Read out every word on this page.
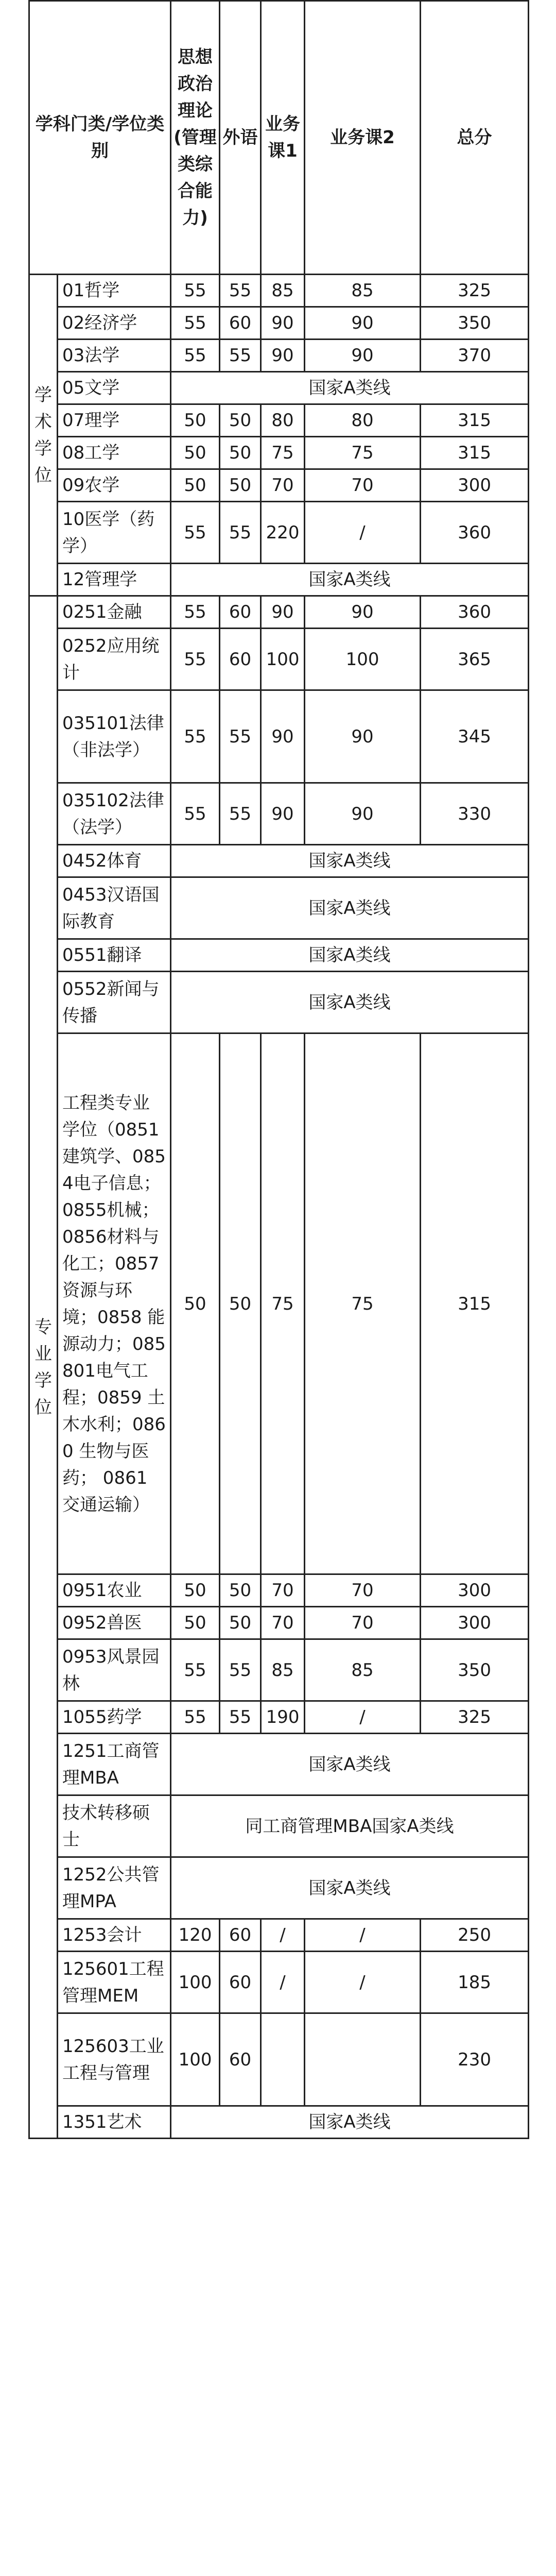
学科门类/学位类别		思想政治理论(管理类综合能力)	外语	业务课1	业务课2	总分

学术学位	01哲学	55	55	85	85	325
	02经济学	55	60	90	90	350
	03法学	55	55	90	90	370
	05文学	国家A类线				
	07理学	50	50	80	80	315
	08工学	50	50	75	75	315
	09农学	50	50	70	70	300
	10医学（药学）	55	55	220	/	360
	12管理学	国家A类线				

专业学位	0251金融	55	60	90	90	360
	0252应用统计	55	60	100	100	365
	035101法律（非法学）	55	55	90	90	345
	035102法律（法学）	55	55	90	90	330
	0452体育	国家A类线				
	0453汉语国际教育	国家A类线				
	0551翻译	国家A类线				
	0552新闻与传播	国家A类线				
	工程类专业学位（0851建筑学、0854电子信息；0855机械；0856材料与化工；0857资源与环境；0858 能源动力；085801电气工程；0859 土木水利；0860 生物与医药； 0861 交通运输）	50	50	75	75	315
	0951农业	50	50	70	70	300
	0952兽医	50	50	70	70	300
	0953风景园林	55	55	85	85	350
	1055药学	55	55	190	/	325
	1251工商管理MBA	国家A类线				
	技术转移硕士	同工商管理MBA国家A类线				
	1252公共管理MPA	国家A类线				
	1253会计	120	60	/	/	250
	125601工程管理MEM	100	60	/	/	185
	125603工业工程与管理	100	60			230
	1351艺术	国家A类线				
